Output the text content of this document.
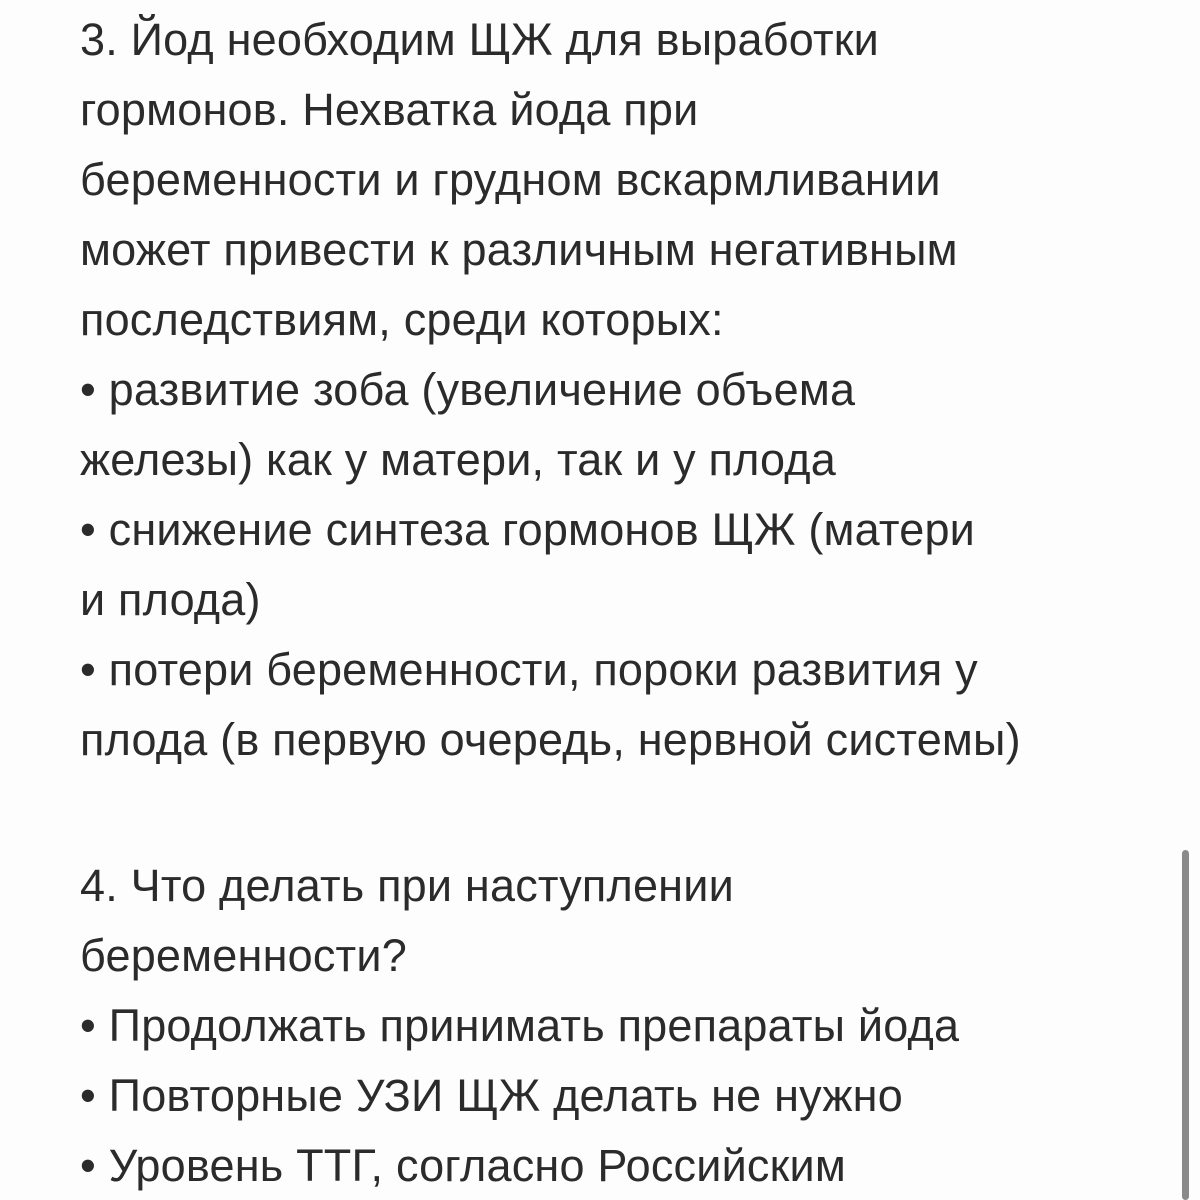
3. Йод необходим ЩЖ для выработки
гормонов. Нехватка йода при
беременности и грудном вскармливании
может привести к различным негативным
последствиям, среди которых:
• развитие зоба (увеличение объема
железы) как у матери, так и у плода
• снижение синтеза гормонов ЩЖ (матери
и плода)
• потери беременности, пороки развития у
плода (в первую очередь, нервной системы)
4. Что делать при наступлении
беременности?
• Продолжать принимать препараты йода
• Повторные УЗИ ЩЖ делать не нужно
• Уровень ТТГ, согласно Российским
